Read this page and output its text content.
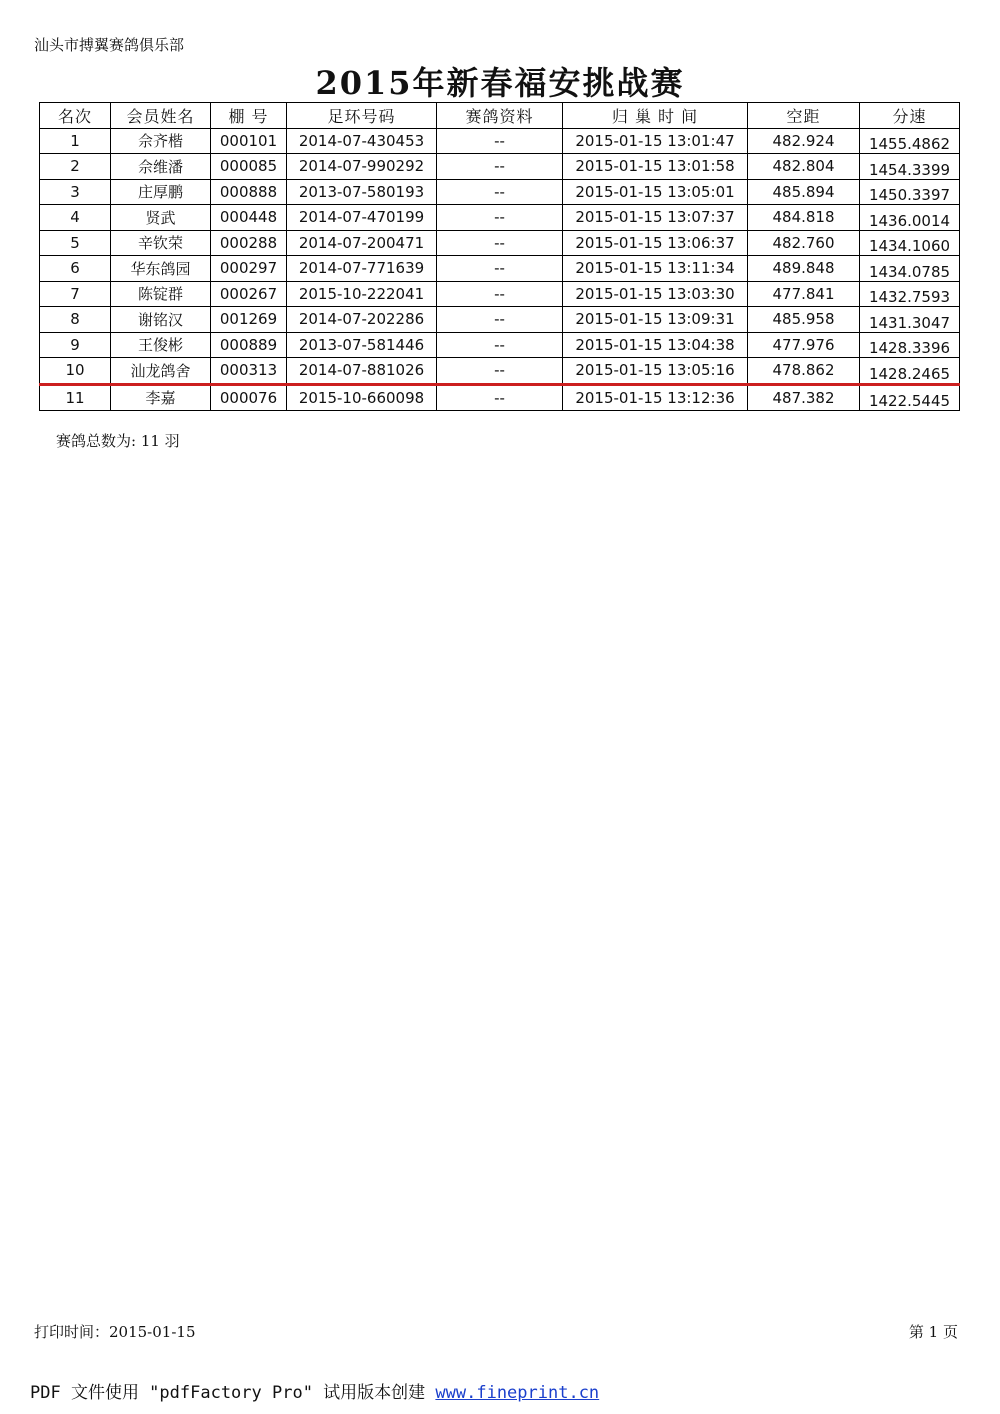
汕头市搏翼赛鸽俱乐部
2015年新春福安挑战赛
名次	会员姓名	棚 号	足环号码	赛鸽资料	归 巢 时 间	空距	分速
1	佘齐楷	000101	2014-07-430453	--	2015-01-15 13:01:47	482.924	1455.4862
2	佘维潘	000085	2014-07-990292	--	2015-01-15 13:01:58	482.804	1454.3399
3	庄厚鹏	000888	2013-07-580193	--	2015-01-15 13:05:01	485.894	1450.3397
4	贤武	000448	2014-07-470199	--	2015-01-15 13:07:37	484.818	1436.0014
5	辛钦荣	000288	2014-07-200471	--	2015-01-15 13:06:37	482.760	1434.1060
6	华东鸽园	000297	2014-07-771639	--	2015-01-15 13:11:34	489.848	1434.0785
7	陈锭群	000267	2015-10-222041	--	2015-01-15 13:03:30	477.841	1432.7593
8	谢铭汉	001269	2014-07-202286	--	2015-01-15 13:09:31	485.958	1431.3047
9	王俊彬	000889	2013-07-581446	--	2015-01-15 13:04:38	477.976	1428.3396
10	汕龙鸽舍	000313	2014-07-881026	--	2015-01-15 13:05:16	478.862	1428.2465
11	李嘉	000076	2015-10-660098	--	2015-01-15 13:12:36	487.382	1422.5445
赛鸽总数为: 11 羽
打印时间：2015-01-15	第 1 页
PDF 文件使用 "pdfFactory Pro" 试用版本创建 www.fineprint.cn
